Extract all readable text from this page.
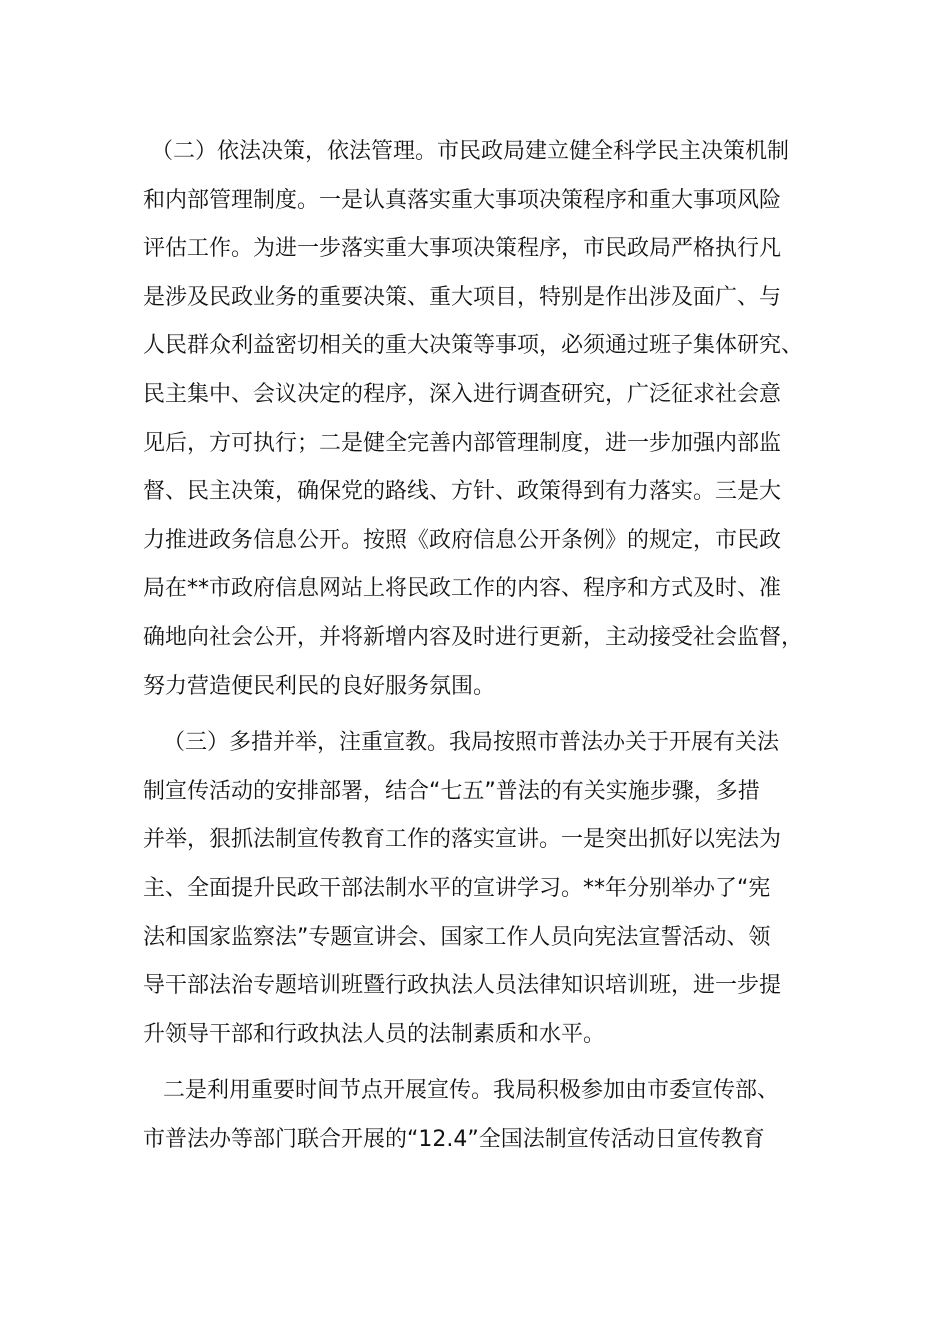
（二）依法决策，依法管理。市民政局建立健全科学民主决策机制
和内部管理制度。一是认真落实重大事项决策程序和重大事项风险
评估工作。为进一步落实重大事项决策程序，市民政局严格执行凡
是涉及民政业务的重要决策、重大项目，特别是作出涉及面广、与
人民群众利益密切相关的重大决策等事项，必须通过班子集体研究、
民主集中、会议决定的程序，深入进行调查研究，广泛征求社会意
见后，方可执行；二是健全完善内部管理制度，进一步加强内部监
督、民主决策，确保党的路线、方针、政策得到有力落实。三是大
力推进政务信息公开。按照《政府信息公开条例》的规定，市民政
局在**市政府信息网站上将民政工作的内容、程序和方式及时、准
确地向社会公开，并将新增内容及时进行更新，主动接受社会监督，
努力营造便民利民的良好服务氛围。
（三）多措并举，注重宣教。我局按照市普法办关于开展有关法
制宣传活动的安排部署，结合“七五”普法的有关实施步骤，多措
并举，狠抓法制宣传教育工作的落实宣讲。一是突出抓好以宪法为
主、全面提升民政干部法制水平的宣讲学习。**年分别举办了“宪
法和国家监察法”专题宣讲会、国家工作人员向宪法宣誓活动、领
导干部法治专题培训班暨行政执法人员法律知识培训班，进一步提
升领导干部和行政执法人员的法制素质和水平。
二是利用重要时间节点开展宣传。我局积极参加由市委宣传部、
市普法办等部门联合开展的“12.4”全国法制宣传活动日宣传教育
